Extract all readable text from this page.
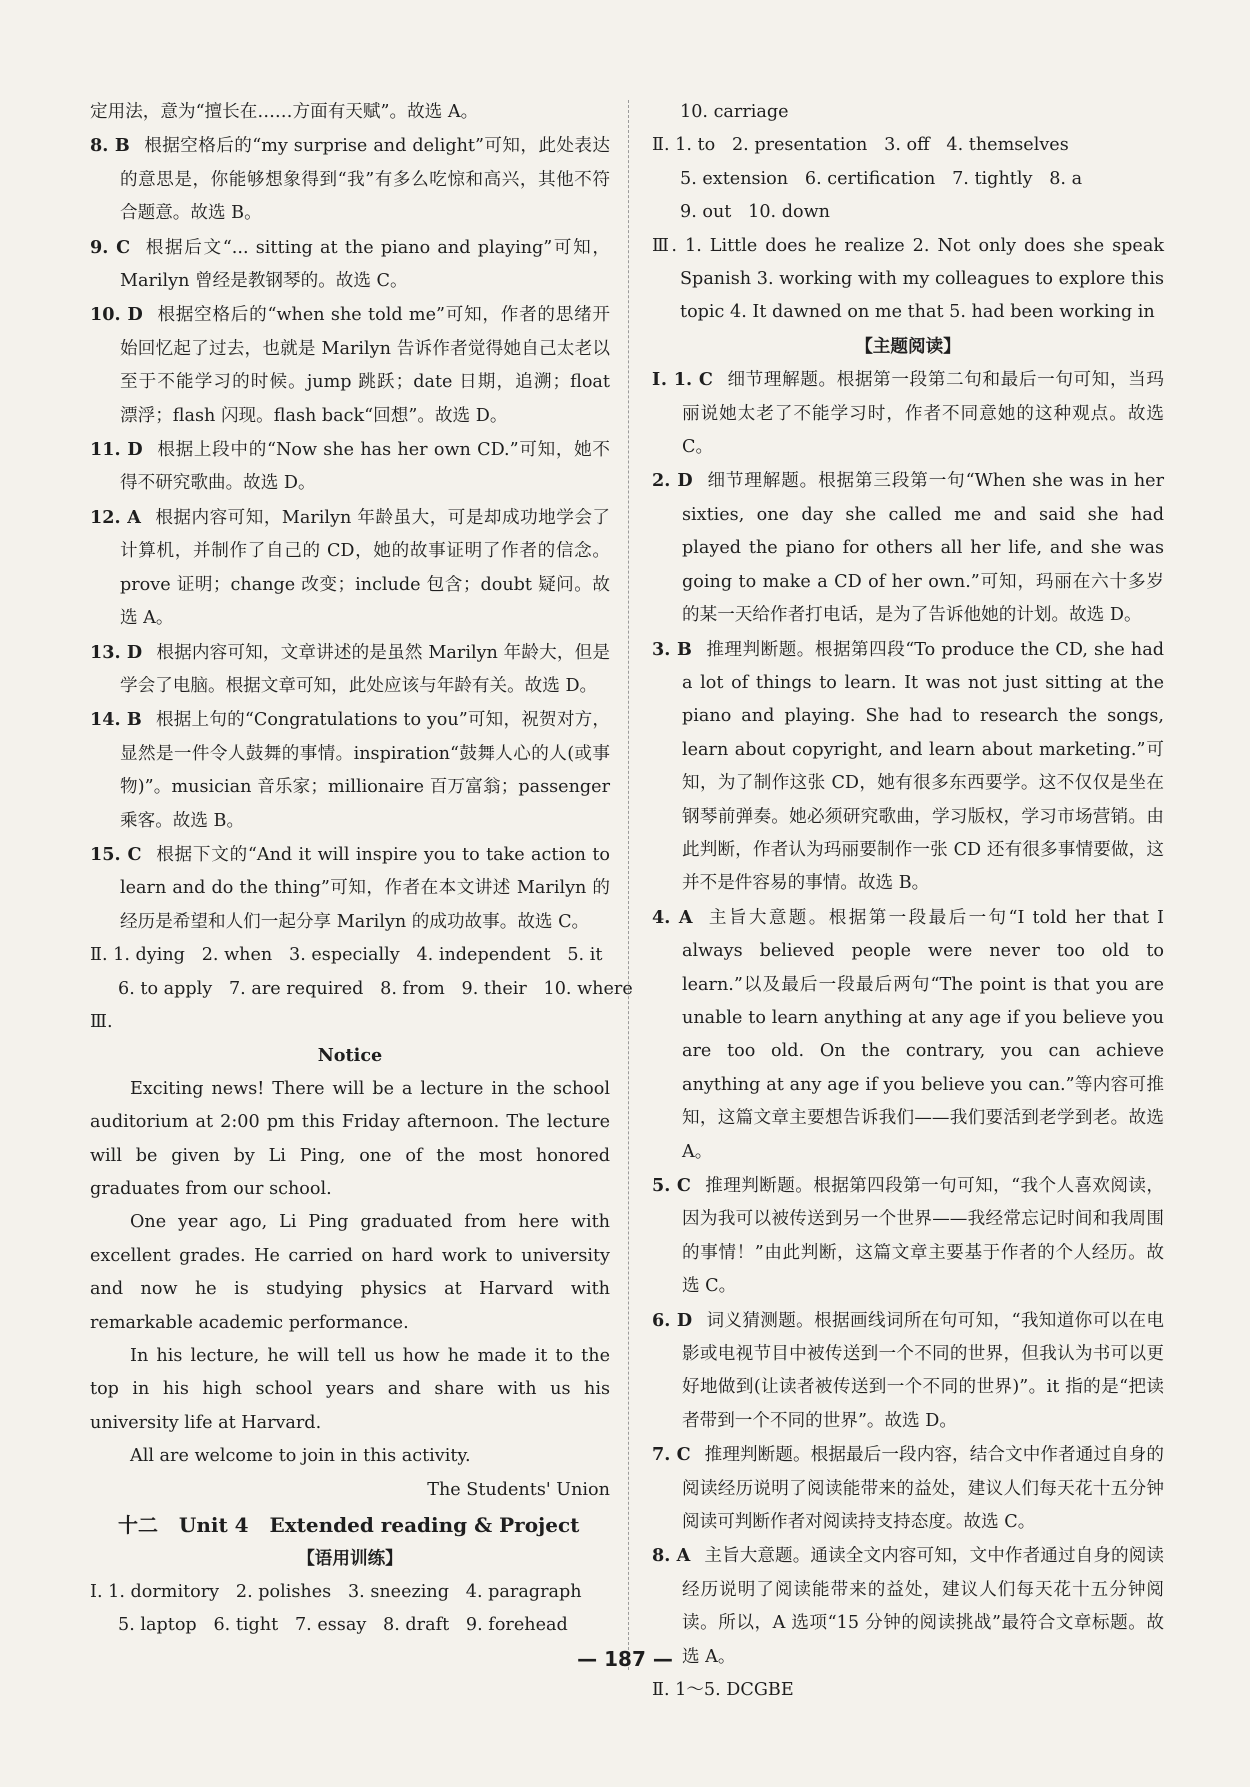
定用法，意为“擅长在……方面有天赋”。故选 A。

8. B 根据空格后的“my surprise and delight”可知，此处表达的意思是，你能够想象得到“我”有多么吃惊和高兴，其他不符合题意。故选 B。

9. C 根据后文“... sitting at the piano and playing”可知，Marilyn 曾经是教钢琴的。故选 C。

10. D 根据空格后的“when she told me”可知，作者的思绪开始回忆起了过去，也就是 Marilyn 告诉作者觉得她自己太老以至于不能学习的时候。jump 跳跃；date 日期，追溯；float 漂浮；flash 闪现。flash back“回想”。故选 D。

11. D 根据上段中的“Now she has her own CD.”可知，她不得不研究歌曲。故选 D。

12. A 根据内容可知，Marilyn 年龄虽大，可是却成功地学会了计算机，并制作了自己的 CD，她的故事证明了作者的信念。prove 证明；change 改变；include 包含；doubt 疑问。故选 A。

13. D 根据内容可知，文章讲述的是虽然 Marilyn 年龄大，但是学会了电脑。根据文章可知，此处应该与年龄有关。故选 D。

14. B 根据上句的“Congratulations to you”可知，祝贺对方，显然是一件令人鼓舞的事情。inspiration“鼓舞人心的人(或事物)”。musician 音乐家；millionaire 百万富翁；passenger 乘客。故选 B。

15. C 根据下文的“And it will inspire you to take action to learn and do the thing”可知，作者在本文讲述 Marilyn 的经历是希望和人们一起分享 Marilyn 的成功故事。故选 C。

Ⅱ. 1. dying   2. when   3. especially   4. independent   5. it

6. to apply   7. are required   8. from   9. their   10. where

Ⅲ.

Notice

Exciting news! There will be a lecture in the school auditorium at 2:00 pm this Friday afternoon. The lecture will be given by Li Ping, one of the most honored graduates from our school.

One year ago, Li Ping graduated from here with excellent grades. He carried on hard work to university and now he is studying physics at Harvard with remarkable academic performance.

In his lecture, he will tell us how he made it to the top in his high school years and share with us his university life at Harvard.

All are welcome to join in this activity.

The Students' Union

十二   Unit 4   Extended reading & Project

【语用训练】

Ⅰ. 1. dormitory   2. polishes   3. sneezing   4. paragraph

5. laptop   6. tight   7. essay   8. draft   9. forehead

10. carriage

Ⅱ. 1. to   2. presentation   3. off   4. themselves

5. extension   6. certification   7. tightly   8. a

9. out   10. down

Ⅲ. 1. Little does he realize 2. Not only does she speak Spanish 3. working with my colleagues to explore this topic 4. It dawned on me that 5. had been working in

【主题阅读】

Ⅰ. 1. C 细节理解题。根据第一段第二句和最后一句可知，当玛丽说她太老了不能学习时，作者不同意她的这种观点。故选 C。

2. D 细节理解题。根据第三段第一句“When she was in her sixties, one day she called me and said she had played the piano for others all her life, and she was going to make a CD of her own.”可知，玛丽在六十多岁的某一天给作者打电话，是为了告诉他她的计划。故选 D。

3. B 推理判断题。根据第四段“To produce the CD, she had a lot of things to learn. It was not just sitting at the piano and playing. She had to research the songs, learn about copyright, and learn about marketing.”可知，为了制作这张 CD，她有很多东西要学。这不仅仅是坐在钢琴前弹奏。她必须研究歌曲，学习版权，学习市场营销。由此判断，作者认为玛丽要制作一张 CD 还有很多事情要做，这并不是件容易的事情。故选 B。

4. A 主旨大意题。根据第一段最后一句“I told her that I always believed people were never too old to learn.”以及最后一段最后两句“The point is that you are unable to learn anything at any age if you believe you are too old. On the contrary, you can achieve anything at any age if you believe you can.”等内容可推知，这篇文章主要想告诉我们——我们要活到老学到老。故选 A。

5. C 推理判断题。根据第四段第一句可知，“我个人喜欢阅读，因为我可以被传送到另一个世界——我经常忘记时间和我周围的事情！”由此判断，这篇文章主要基于作者的个人经历。故选 C。

6. D 词义猜测题。根据画线词所在句可知，“我知道你可以在电影或电视节目中被传送到一个不同的世界，但我认为书可以更好地做到(让读者被传送到一个不同的世界)”。it 指的是“把读者带到一个不同的世界”。故选 D。

7. C 推理判断题。根据最后一段内容，结合文中作者通过自身的阅读经历说明了阅读能带来的益处，建议人们每天花十五分钟阅读可判断作者对阅读持支持态度。故选 C。

8. A 主旨大意题。通读全文内容可知，文中作者通过自身的阅读经历说明了阅读能带来的益处，建议人们每天花十五分钟阅读。所以，A 选项“15 分钟的阅读挑战”最符合文章标题。故选 A。

Ⅱ. 1～5. DCGBE

— 187 —
